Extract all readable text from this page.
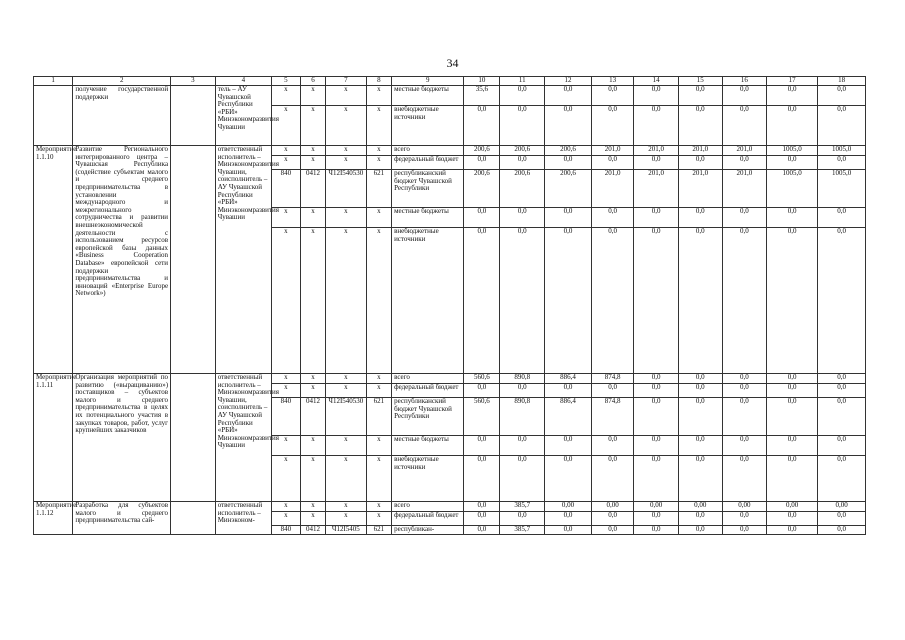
34
1	2	3	4	5	6	7	8	9	10	11	12	13	14	15	16	17	18
	получение государственной поддержки		тель – АУ Чувашской Республики «РБИ» Минэкономразвития Чувашии	x	x	x	x	местные бюджеты	35,6	0,0	0,0	0,0	0,0	0,0	0,0	0,0	0,0
				x	x	x	x	внебюджетные источники	0,0	0,0	0,0	0,0	0,0	0,0	0,0	0,0	0,0
Мероприятие 1.1.10	Развитие Регионального интегрированного центра – Чувашская Республика (содействие субъектам малого и среднего предпринимательства в установлении международного и межрегионального сотрудничества и развитии внешнеэкономической деятельности с использованием ресурсов европейской базы данных «Business Cooperation Database» европейской сети поддержки предпринимательства и инноваций «Enterprise Europe Network»)		ответственный исполнитель – Минэкономразвития Чувашии, соисполнитель – АУ Чувашской Республики «РБИ» Минэкономразвития Чувашии	x	x	x	x	всего	200,6	200,6	200,6	201,0	201,0	201,0	201,0	1005,0	1005,0
				x	x	x	x	федеральный бюджет	0,0	0,0	0,0	0,0	0,0	0,0	0,0	0,0	0,0
				840	0412	Ч12I540530	621	республиканский бюджет Чувашской Республики	200,6	200,6	200,6	201,0	201,0	201,0	201,0	1005,0	1005,0
				x	x	x	x	местные бюджеты	0,0	0,0	0,0	0,0	0,0	0,0	0,0	0,0	0,0
				x	x	x	x	внебюджетные источники	0,0	0,0	0,0	0,0	0,0	0,0	0,0	0,0	0,0
Мероприятие 1.1.11	Организация мероприятий по развитию («выращиванию») поставщиков – субъектов малого и среднего предпринимательства в целях их потенциального участия в закупках товаров, работ, услуг крупнейших заказчиков		ответственный исполнитель – Минэкономразвития Чувашии, соисполнитель – АУ Чувашской Республики «РБИ» Минэкономразвития Чувашии	x	x	x	x	всего	560,6	890,8	886,4	874,8	0,0	0,0	0,0	0,0	0,0
				x	x	x	x	федеральный бюджет	0,0	0,0	0,0	0,0	0,0	0,0	0,0	0,0	0,0
				840	0412	Ч12I540530	621	республиканский бюджет Чувашской Республики	560,6	890,8	886,4	874,8	0,0	0,0	0,0	0,0	0,0
				x	x	x	x	местные бюджеты	0,0	0,0	0,0	0,0	0,0	0,0	0,0	0,0	0,0
				x	x	x	x	внебюджетные источники	0,0	0,0	0,0	0,0	0,0	0,0	0,0	0,0	0,0
Мероприятие 1.1.12	Разработка для субъектов малого и среднего предпринимательства сай-		ответственный исполнитель – Минэконом-	x	x	x	x	всего	0,0	385,7	0,00	0,00	0,00	0,00	0,00	0,00	0,00
				x	x	x	x	федеральный бюджет	0,0	0,0	0,0	0,0	0,0	0,0	0,0	0,0	0,0
				840	0412	Ч12I5405	621	республикан-	0,0	385,7	0,0	0,0	0,0	0,0	0,0	0,0	0,0
